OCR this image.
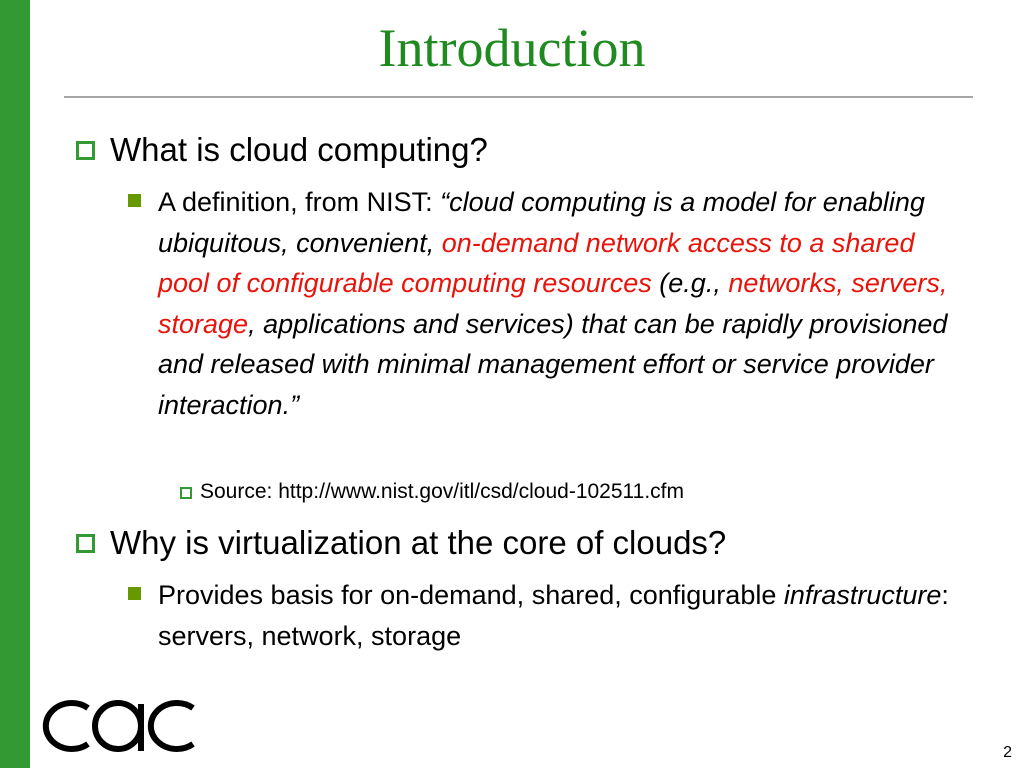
Introduction
What is cloud computing?
A definition, from NIST: “cloud computing is a model for enabling ubiquitous, convenient, on-demand network access to a shared pool of configurable computing resources (e.g., networks, servers, storage, applications and services) that can be rapidly provisioned and released with minimal management effort or service provider interaction.”
Source: http://www.nist.gov/itl/csd/cloud-102511.cfm
Why is virtualization at the core of clouds?
Provides basis for on-demand, shared, configurable infrastructure: servers, network, storage
cac
2
